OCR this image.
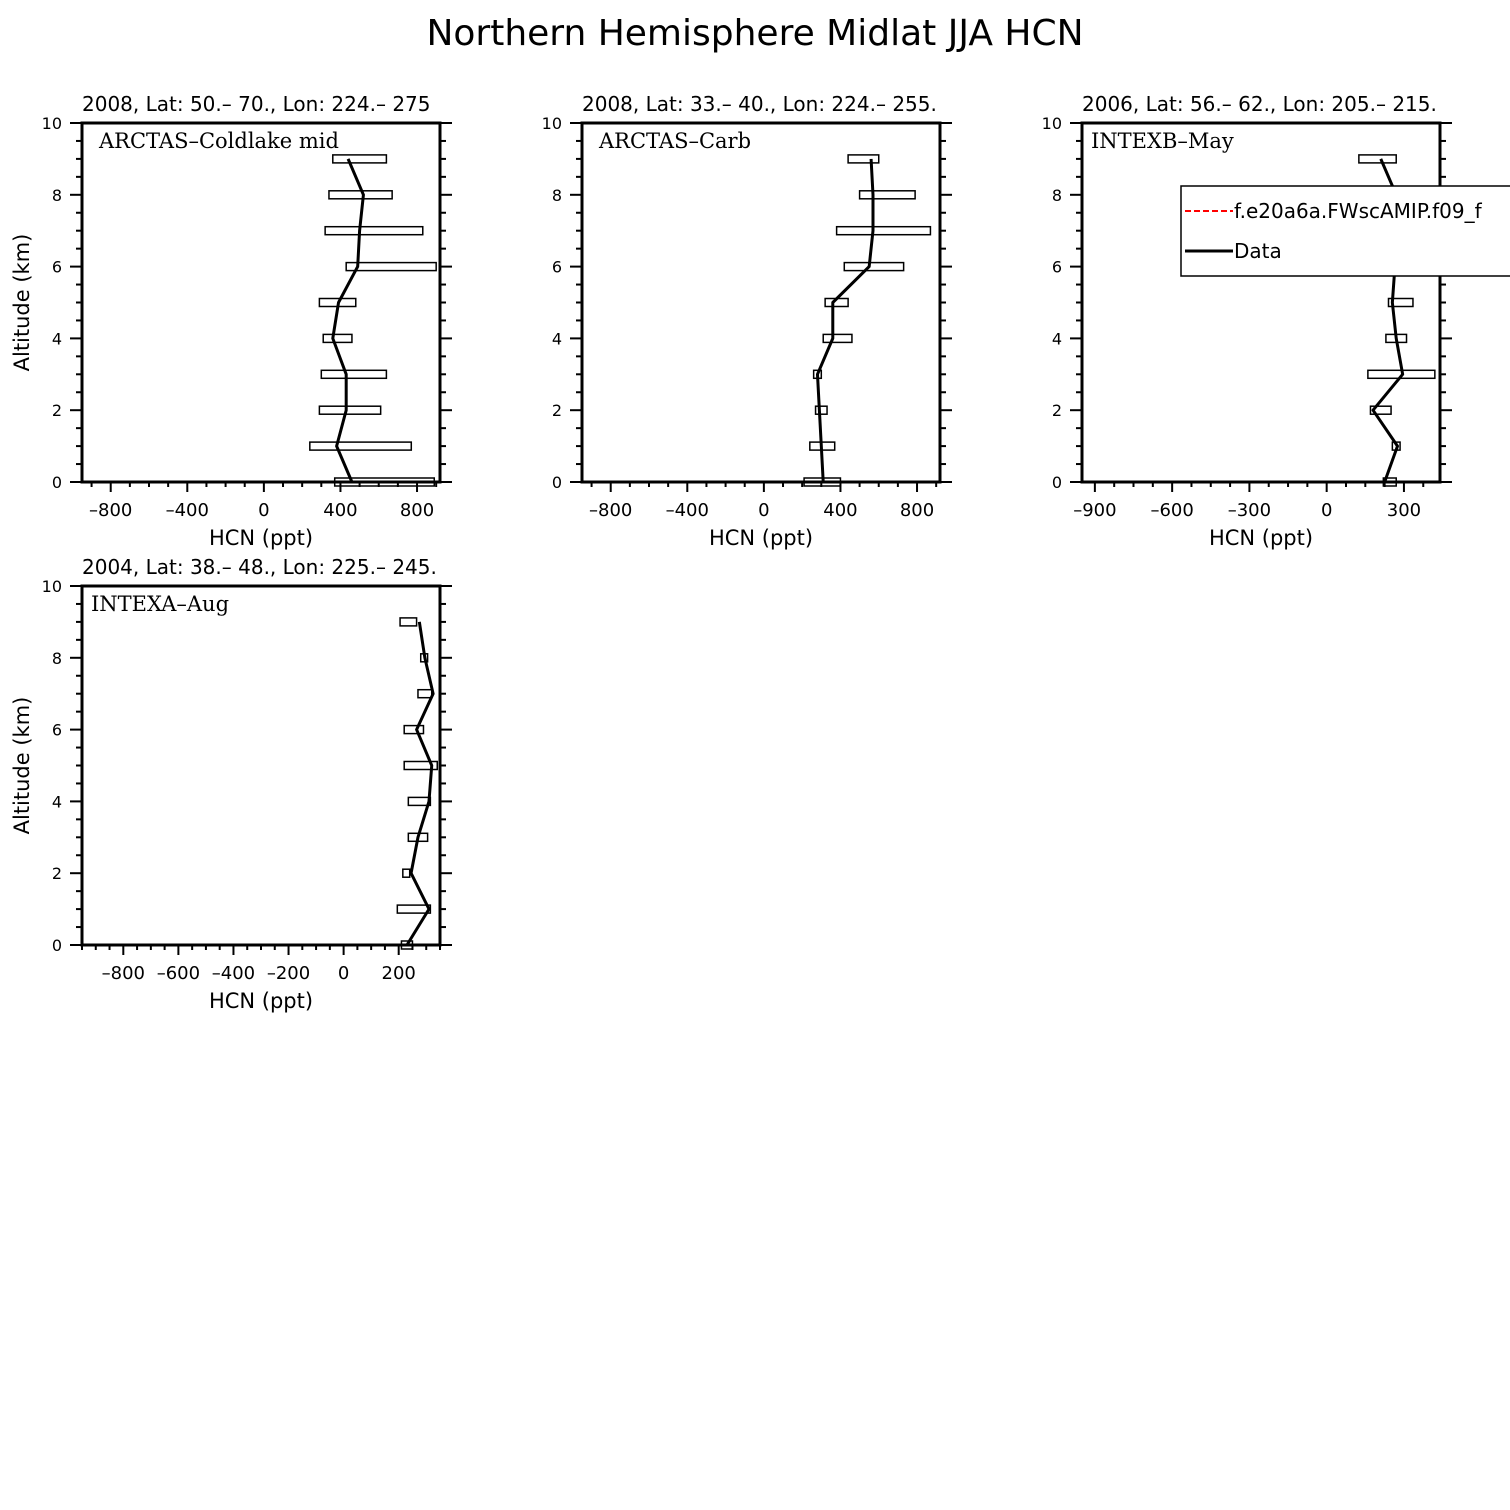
Northern Hemisphere Midlat JJA HCN
0
2
4
6
8
10
–800 –400	0	400 800
HCN (ppt)
Altitude (km)
2008, Lat: 50.– 70., Lon: 224.– 275
ARCTAS–Coldlake mid
0
2
4
6
8
10
–800 –400	0	400 800
HCN (ppt)
2008, Lat: 33.– 40., Lon: 224.– 255.
ARCTAS–Carb
0
2
4
6
8
10
–900 –600 –300	0	300
HCN (ppt)
2006, Lat: 56.– 62., Lon: 205.– 215.
INTEXB–May
0
2
4
6
8
10
–800 –600 –400 –200 0 200
HCN (ppt)
Altitude (km)
2004, Lat: 38.– 48., Lon: 225.– 245.
INTEXA–Aug
f.e20a6a.FWscAMIP.f09_f
Data
